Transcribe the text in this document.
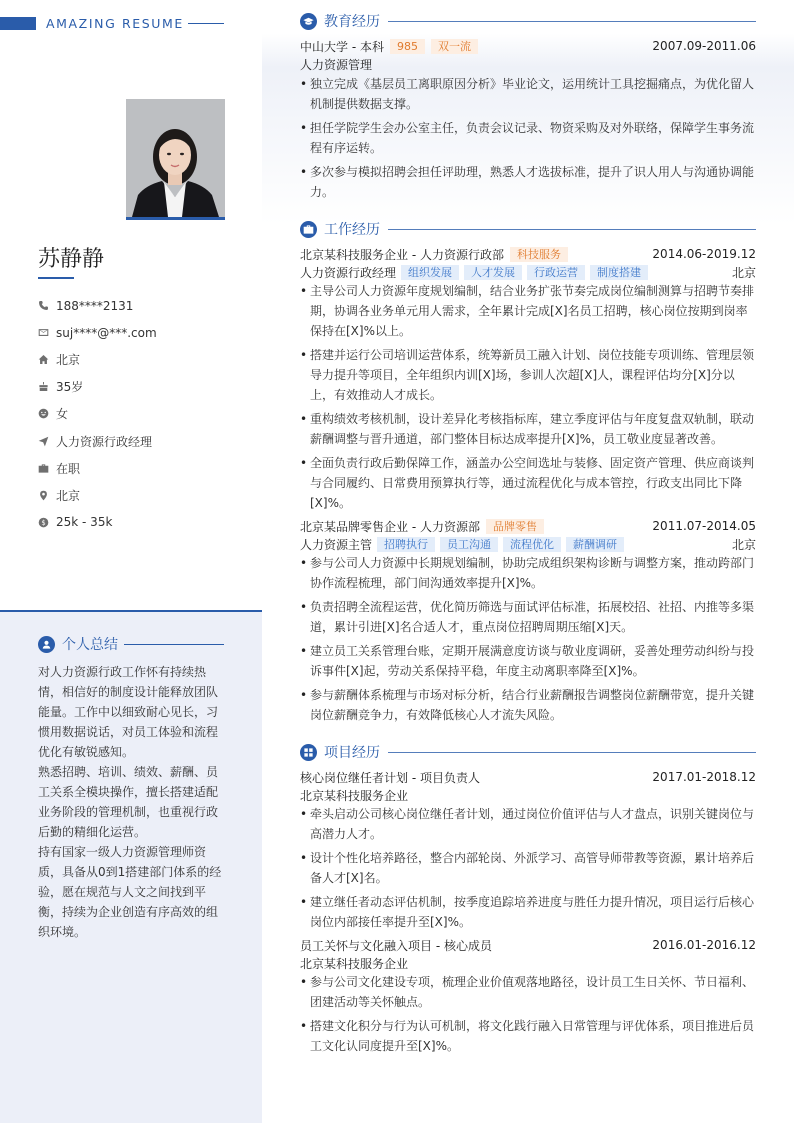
AMAZING RESUME
苏静静
188****2131
suj****@***.com
北京
35岁
女
人力资源行政经理
在职
北京
$ 25k - 35k
个人总结

对人力资源行政工作怀有持续热情，相信好的制度设计能释放团队能量。工作中以细致耐心见长，习惯用数据说话，对员工体验和流程优化有敏锐感知。

熟悉招聘、培训、绩效、薪酬、员工关系全模块操作，擅长搭建适配业务阶段的管理机制，也重视行政后勤的精细化运营。

持有国家一级人力资源管理师资质，具备从0到1搭建部门体系的经验，愿在规范与人文之间找到平衡，持续为企业创造有序高效的组织环境。

教育经历
中山大学 - 本科	985	双一流	2007.09-2011.06
人力资源管理
• 独立完成《基层员工离职原因分析》毕业论文，运用统计工具挖掘痛点，为优化留人机制提供数据支撑。
• 担任学院学生会办公室主任，负责会议记录、物资采购及对外联络，保障学生事务流程有序运转。
• 多次参与模拟招聘会担任评助理，熟悉人才选拔标准，提升了识人用人与沟通协调能力。
工作经历
北京某科技服务企业 - 人力资源行政部	科技服务	2014.06-2019.12
人力资源行政经理	组织发展	人才发展	行政运营	制度搭建	北京
• 主导公司人力资源年度规划编制，结合业务扩张节奏完成岗位编制测算与招聘节奏排期，协调各业务单元用人需求，全年累计完成[X]名员工招聘，核心岗位按期到岗率保持在[X]%以上。
• 搭建并运行公司培训运营体系，统筹新员工融入计划、岗位技能专项训练、管理层领导力提升等项目，全年组织内训[X]场，参训人次超[X]人，课程评估均分[X]分以上，有效推动人才成长。
• 重构绩效考核机制，设计差异化考核指标库，建立季度评估与年度复盘双轨制，联动薪酬调整与晋升通道，部门整体目标达成率提升[X]%，员工敬业度显著改善。
• 全面负责行政后勤保障工作，涵盖办公空间选址与装修、固定资产管理、供应商谈判与合同履约、日常费用预算执行等，通过流程优化与成本管控，行政支出同比下降[X]%。
北京某品牌零售企业 - 人力资源部	品牌零售	2011.07-2014.05
人力资源主管	招聘执行	员工沟通	流程优化	薪酬调研	北京
• 参与公司人力资源中长期规划编制，协助完成组织架构诊断与调整方案，推动跨部门协作流程梳理，部门间沟通效率提升[X]%。
• 负责招聘全流程运营，优化简历筛选与面试评估标准，拓展校招、社招、内推等多渠道，累计引进[X]名合适人才，重点岗位招聘周期压缩[X]天。
• 建立员工关系管理台账，定期开展满意度访谈与敬业度调研，妥善处理劳动纠纷与投诉事件[X]起，劳动关系保持平稳，年度主动离职率降至[X]%。
• 参与薪酬体系梳理与市场对标分析，结合行业薪酬报告调整岗位薪酬带宽，提升关键岗位薪酬竞争力，有效降低核心人才流失风险。
项目经历
核心岗位继任者计划 - 项目负责人	2017.01-2018.12
北京某科技服务企业
• 牵头启动公司核心岗位继任者计划，通过岗位价值评估与人才盘点，识别关键岗位与高潜力人才。
• 设计个性化培养路径，整合内部轮岗、外派学习、高管导师带教等资源，累计培养后备人才[X]名。
• 建立继任者动态评估机制，按季度追踪培养进度与胜任力提升情况，项目运行后核心岗位内部接任率提升至[X]%。
员工关怀与文化融入项目 - 核心成员	2016.01-2016.12
北京某科技服务企业
• 参与公司文化建设专项，梳理企业价值观落地路径，设计员工生日关怀、节日福利、团建活动等关怀触点。
• 搭建文化积分与行为认可机制，将文化践行融入日常管理与评优体系，项目推进后员工文化认同度提升至[X]%。
